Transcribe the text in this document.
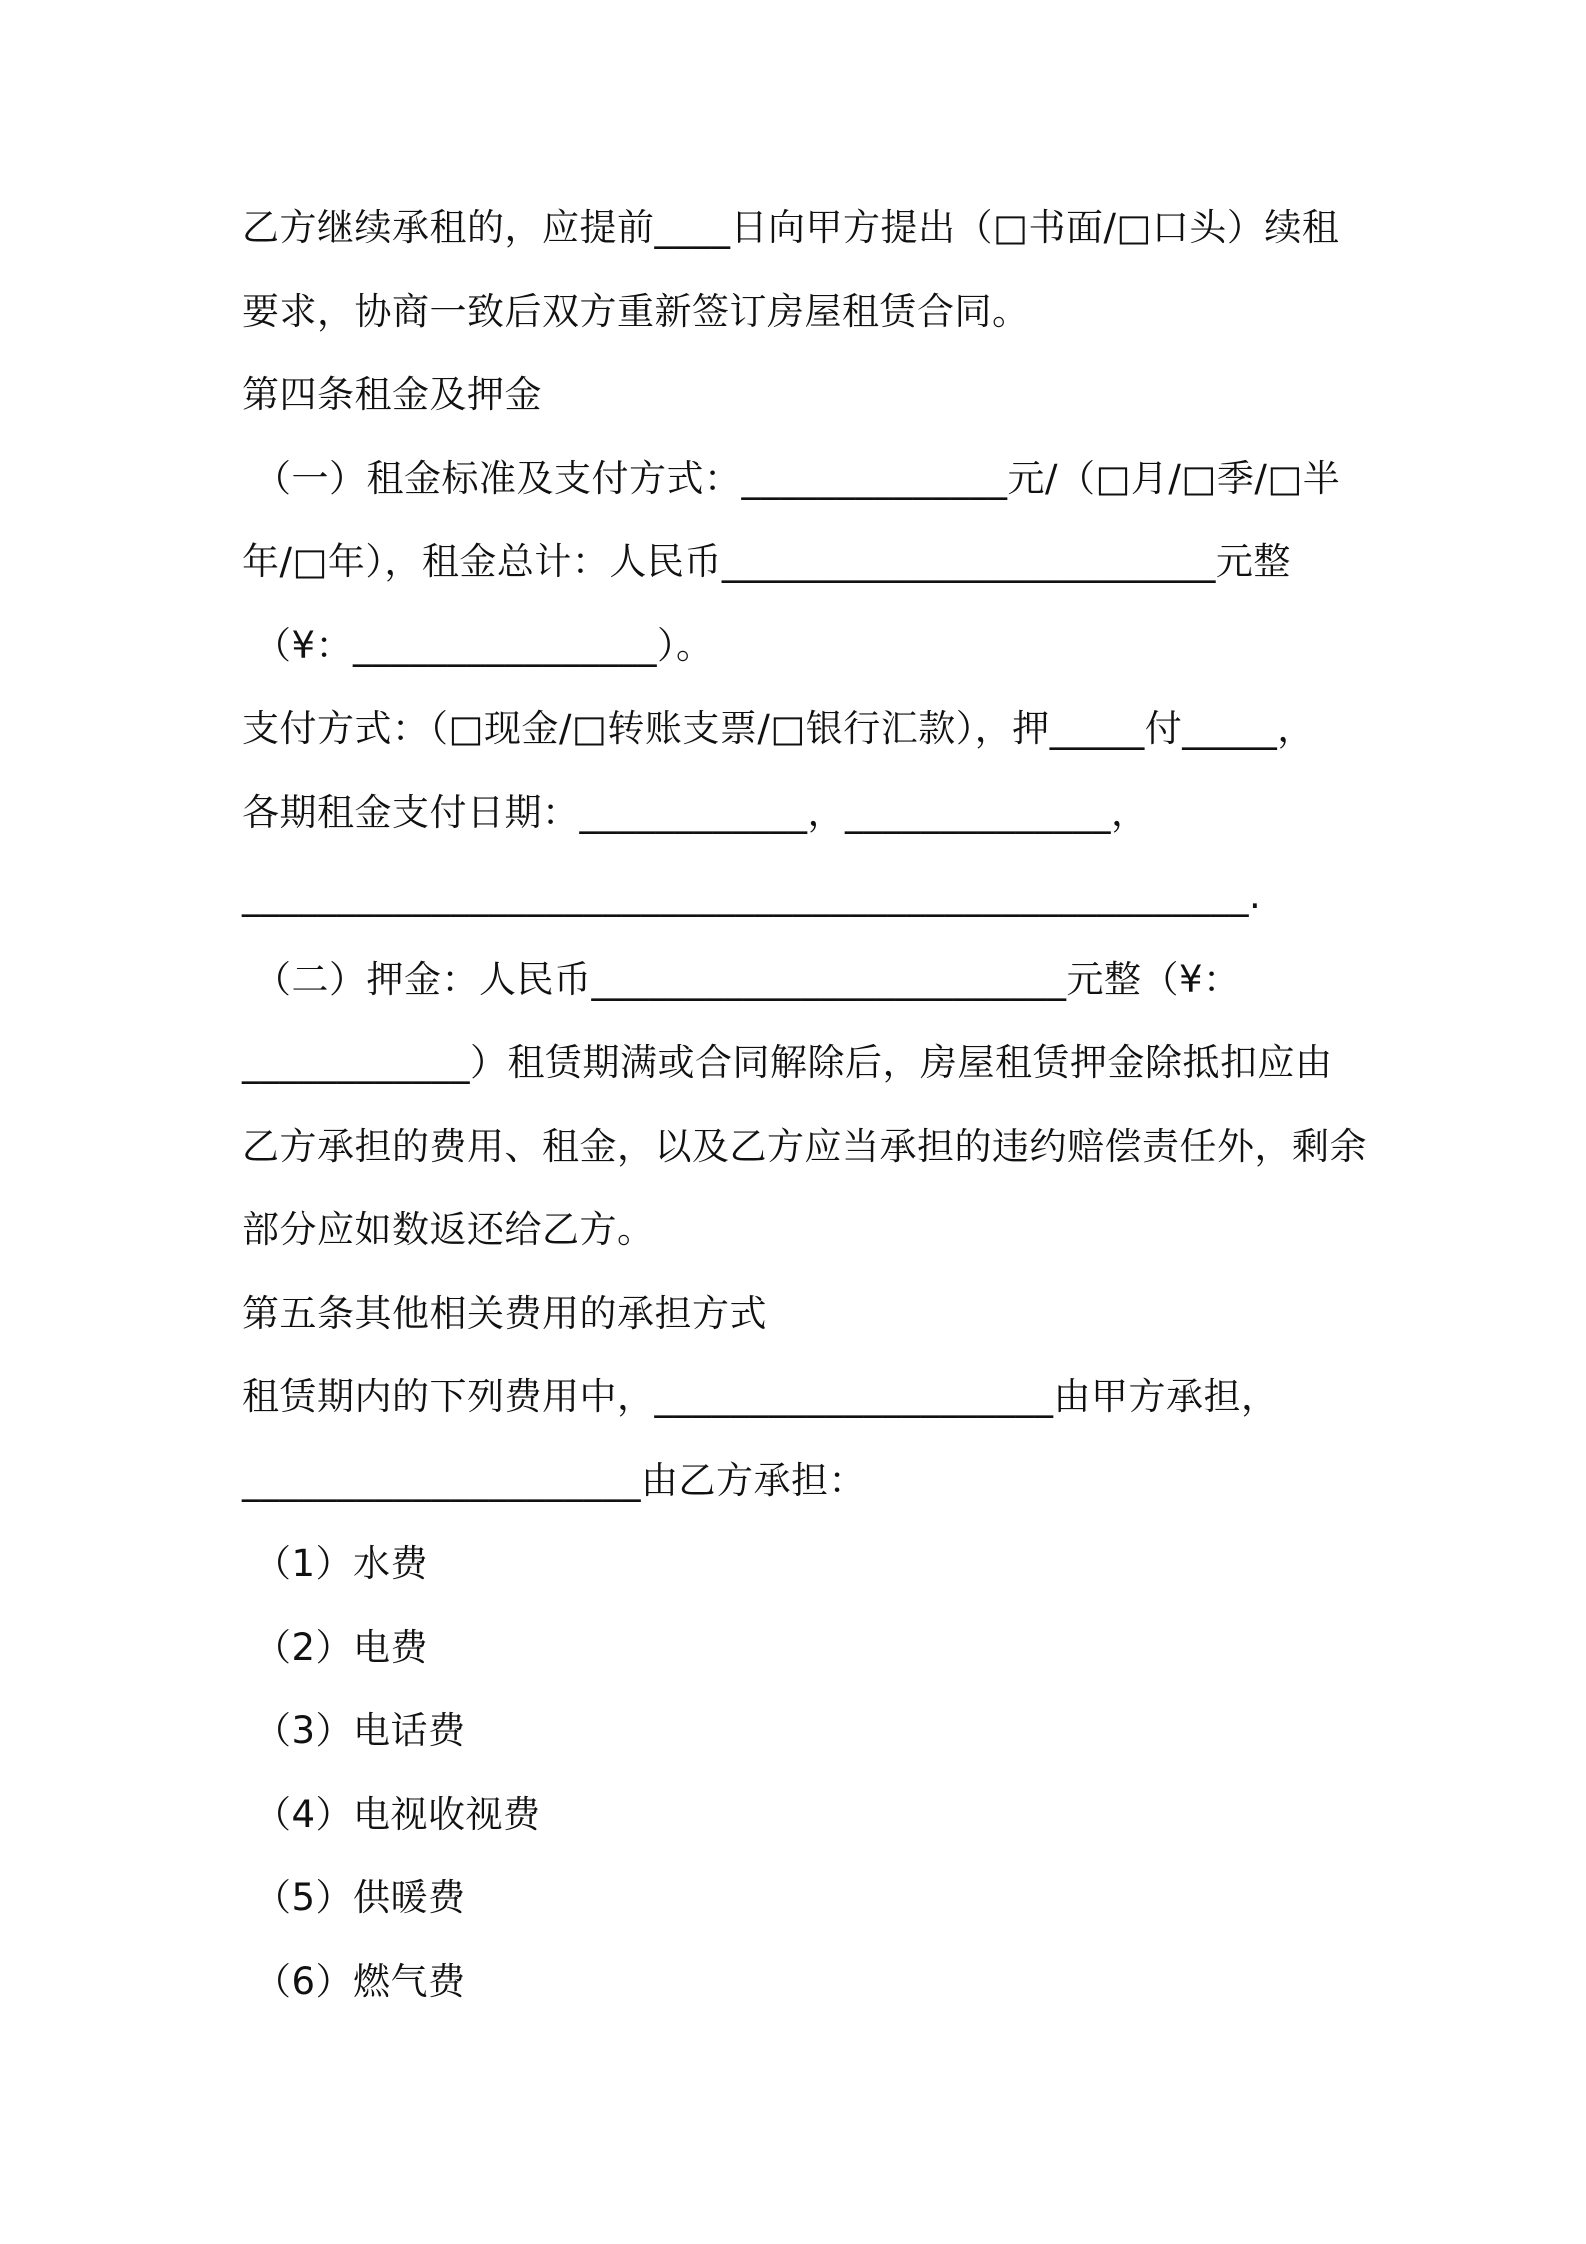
乙方继续承租的，应提前____日向甲方提出（□书面/□口头）续租
要求，协商一致后双方重新签订房屋租赁合同。
第四条租金及押金
（一）租金标准及支付方式：______________元/（□月/□季/□半
年/□年），租金总计：人民币__________________________元整
（¥：________________）。
支付方式：（□现金/□转账支票/□银行汇款），押_____付_____，
各期租金支付日期：____________，______________，
_____________________________________________________.
（二）押金：人民币_________________________元整（¥：
____________）租赁期满或合同解除后，房屋租赁押金除抵扣应由
乙方承担的费用、租金，以及乙方应当承担的违约赔偿责任外，剩余
部分应如数返还给乙方。
第五条其他相关费用的承担方式
租赁期内的下列费用中，_____________________由甲方承担，
_____________________由乙方承担：
（1）水费
（2）电费
（3）电话费
（4）电视收视费
（5）供暖费
（6）燃气费
